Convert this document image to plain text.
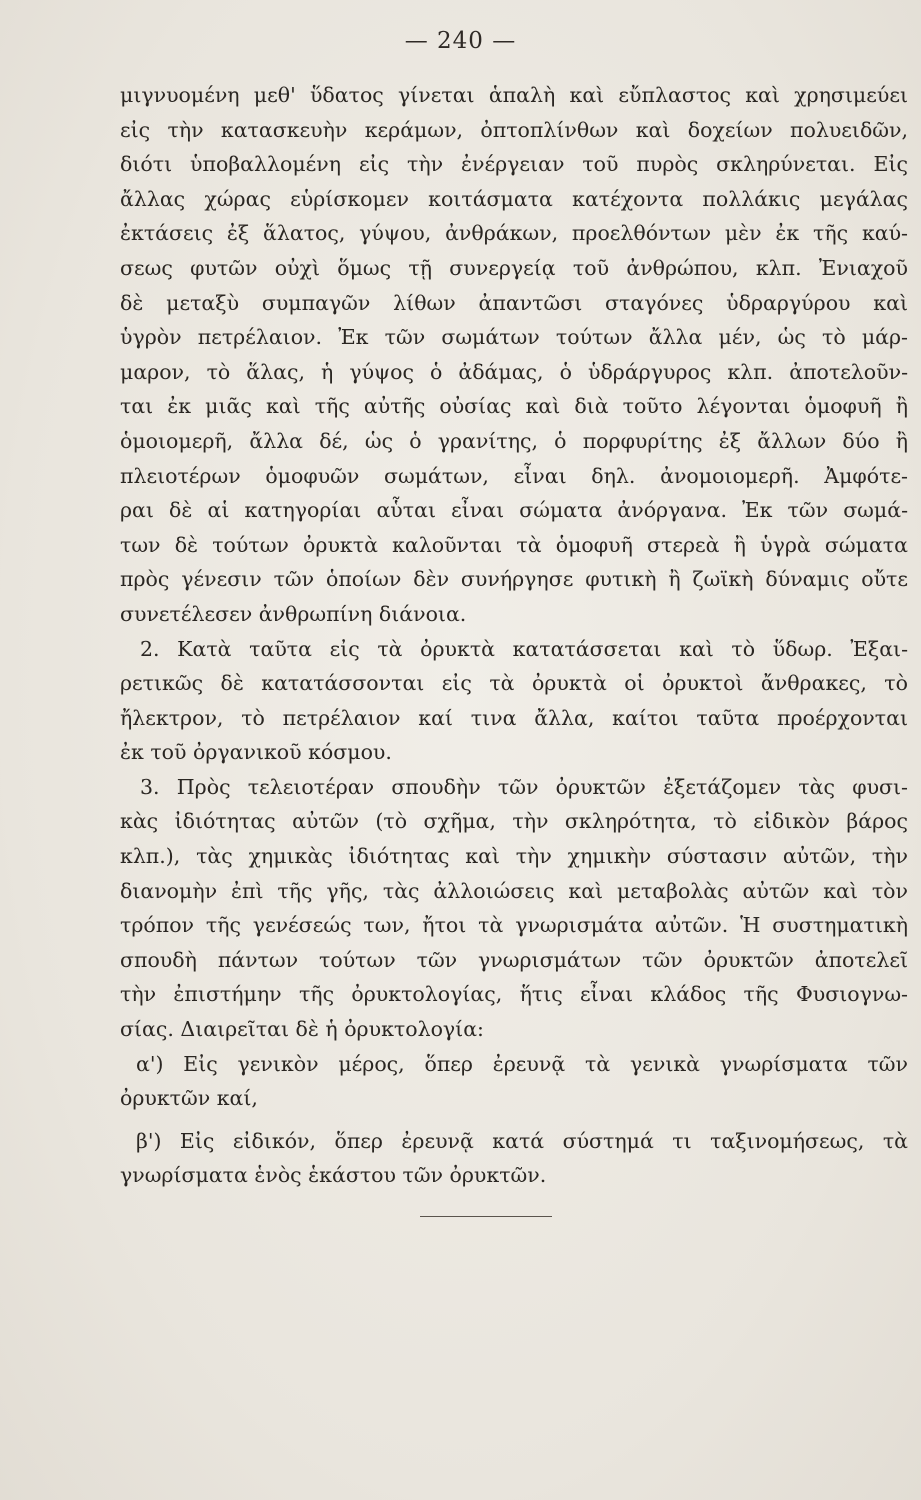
— 240 —
μιγνυομένη μεθ' ὕδατος γίνεται ἁπαλὴ καὶ εὔπλαστος καὶ χρησιμεύει
εἰς τὴν κατασκευὴν κεράμων, ὀπτοπλίνθων καὶ δοχείων πολυειδῶν,
διότι ὑποβαλλομένη εἰς τὴν ἐνέργειαν τοῦ πυρὸς σκληρύνεται. Εἰς
ἄλλας χώρας εὑρίσκομεν κοιτάσματα κατέχοντα πολλάκις μεγάλας
ἐκτάσεις ἐξ ἅλατος, γύψου, ἀνθράκων, προελθόντων μὲν ἐκ τῆς καύ-
σεως φυτῶν οὐχὶ ὅμως τῇ συνεργείᾳ τοῦ ἀνθρώπου, κλπ. Ἐνιαχοῦ
δὲ μεταξὺ συμπαγῶν λίθων ἀπαντῶσι σταγόνες ὑδραργύρου καὶ
ὑγρὸν πετρέλαιον. Ἐκ τῶν σωμάτων τούτων ἄλλα μέν, ὡς τὸ μάρ-
μαρον, τὸ ἅλας, ἡ γύψος ὁ ἀδάμας, ὁ ὑδράργυρος κλπ. ἀποτελοῦν-
ται ἐκ μιᾶς καὶ τῆς αὐτῆς οὐσίας καὶ διὰ τοῦτο λέγονται ὁμοφυῆ ἢ
ὁμοιομερῆ, ἄλλα δέ, ὡς ὁ γρανίτης, ὁ πορφυρίτης ἐξ ἄλλων δύο ἢ
πλειοτέρων ὁμοφυῶν σωμάτων, εἶναι δηλ. ἀνομοιομερῆ. Ἀμφότε-
ραι δὲ αἱ κατηγορίαι αὗται εἶναι σώματα ἀνόργανα. Ἐκ τῶν σωμά-
των δὲ τούτων ὀρυκτὰ καλοῦνται τὰ ὁμοφυῆ στερεὰ ἢ ὑγρὰ σώματα
πρὸς γένεσιν τῶν ὁποίων δὲν συνήργησε φυτικὴ ἢ ζωϊκὴ δύναμις οὔτε
συνετέλεσεν ἀνθρωπίνη διάνοια.
2. Κατὰ ταῦτα εἰς τὰ ὀρυκτὰ κατατάσσεται καὶ τὸ ὕδωρ. Ἐξαι-
ρετικῶς δὲ κατατάσσονται εἰς τὰ ὀρυκτὰ οἱ ὀρυκτοὶ ἄνθρακες, τὸ
ἤλεκτρον, τὸ πετρέλαιον καί τινα ἄλλα, καίτοι ταῦτα προέρχονται
ἐκ τοῦ ὀργανικοῦ κόσμου.
3. Πρὸς τελειοτέραν σπουδὴν τῶν ὀρυκτῶν ἐξετάζομεν τὰς φυσι-
κὰς ἰδιότητας αὐτῶν (τὸ σχῆμα, τὴν σκληρότητα, τὸ εἰδικὸν βάρος
κλπ.), τὰς χημικὰς ἰδιότητας καὶ τὴν χημικὴν σύστασιν αὐτῶν, τὴν
διανομὴν ἐπὶ τῆς γῆς, τὰς ἀλλοιώσεις καὶ μεταβολὰς αὐτῶν καὶ τὸν
τρόπον τῆς γενέσεώς των, ἤτοι τὰ γνωρισμάτα αὐτῶν. Ἡ συστηματικὴ
σπουδὴ πάντων τούτων τῶν γνωρισμάτων τῶν ὀρυκτῶν ἀποτελεῖ
τὴν ἐπιστήμην τῆς ὀρυκτολογίας, ἥτις εἶναι κλάδος τῆς Φυσιογνω-
σίας. Διαιρεῖται δὲ ἡ ὀρυκτολογία:
α') Εἰς γενικὸν μέρος, ὅπερ ἐρευνᾷ τὰ γενικὰ γνωρίσματα τῶν
ὀρυκτῶν καί,
β') Εἰς εἰδικόν, ὅπερ ἐρευνᾷ κατά σύστημά τι ταξινομήσεως, τὰ
γνωρίσματα ἑνὸς ἑκάστου τῶν ὀρυκτῶν.
